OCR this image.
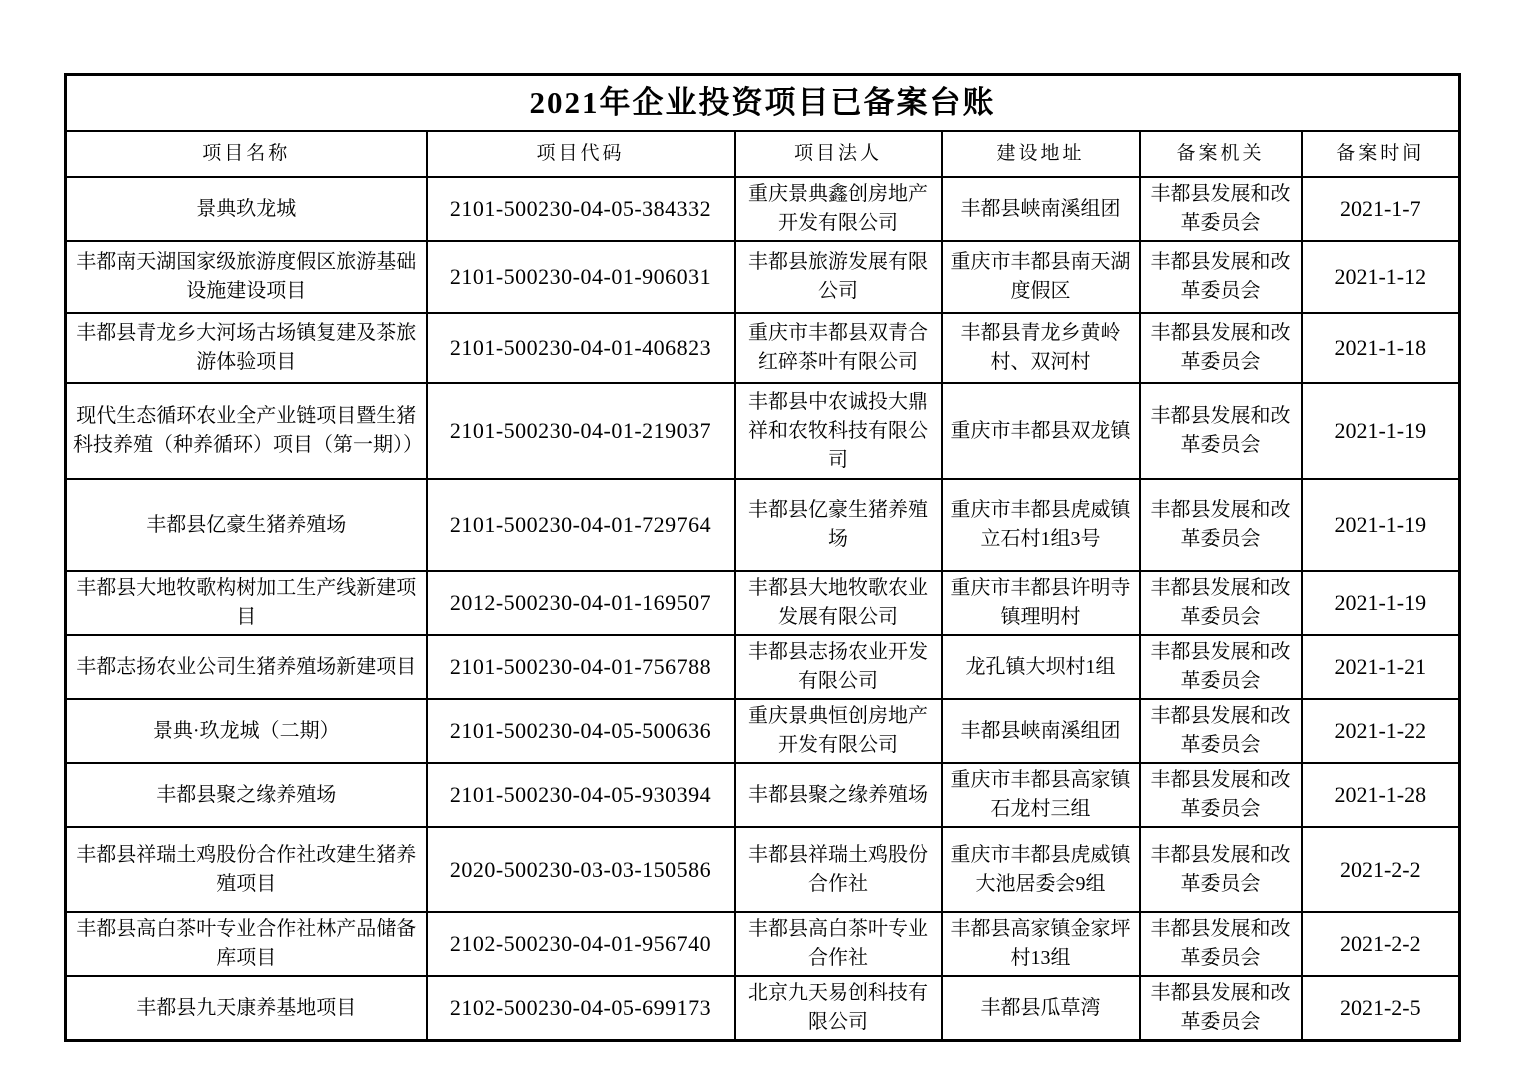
2021年企业投资项目已备案台账					
项目名称	项目代码	项目法人	建设地址	备案机关	备案时间
景典玖龙城	2101-500230-04-05-384332	重庆景典鑫创房地产开发有限公司	丰都县峡南溪组团	丰都县发展和改革委员会	2021-1-7
丰都南天湖国家级旅游度假区旅游基础设施建设项目	2101-500230-04-01-906031	丰都县旅游发展有限公司	重庆市丰都县南天湖度假区	丰都县发展和改革委员会	2021-1-12
丰都县青龙乡大河场古场镇复建及茶旅游体验项目	2101-500230-04-01-406823	重庆市丰都县双青合红碎茶叶有限公司	丰都县青龙乡黄岭村、双河村	丰都县发展和改革委员会	2021-1-18
现代生态循环农业全产业链项目暨生猪科技养殖（种养循环）项目（第一期））	2101-500230-04-01-219037	丰都县中农诚投大鼎祥和农牧科技有限公司	重庆市丰都县双龙镇	丰都县发展和改革委员会	2021-1-19
丰都县亿豪生猪养殖场	2101-500230-04-01-729764	丰都县亿豪生猪养殖场	重庆市丰都县虎威镇立石村1组3号	丰都县发展和改革委员会	2021-1-19
丰都县大地牧歌构树加工生产线新建项目	2012-500230-04-01-169507	丰都县大地牧歌农业发展有限公司	重庆市丰都县许明寺镇理明村	丰都县发展和改革委员会	2021-1-19
丰都志扬农业公司生猪养殖场新建项目	2101-500230-04-01-756788	丰都县志扬农业开发有限公司	龙孔镇大坝村1组	丰都县发展和改革委员会	2021-1-21
景典·玖龙城（二期）	2101-500230-04-05-500636	重庆景典恒创房地产开发有限公司	丰都县峡南溪组团	丰都县发展和改革委员会	2021-1-22
丰都县聚之缘养殖场	2101-500230-04-05-930394	丰都县聚之缘养殖场	重庆市丰都县高家镇石龙村三组	丰都县发展和改革委员会	2021-1-28
丰都县祥瑞土鸡股份合作社改建生猪养殖项目	2020-500230-03-03-150586	丰都县祥瑞土鸡股份合作社	重庆市丰都县虎威镇大池居委会9组	丰都县发展和改革委员会	2021-2-2
丰都县高白茶叶专业合作社林产品储备库项目	2102-500230-04-01-956740	丰都县高白茶叶专业合作社	丰都县高家镇金家坪村13组	丰都县发展和改革委员会	2021-2-2
丰都县九天康养基地项目	2102-500230-04-05-699173	北京九天易创科技有限公司	丰都县瓜草湾	丰都县发展和改革委员会	2021-2-5
